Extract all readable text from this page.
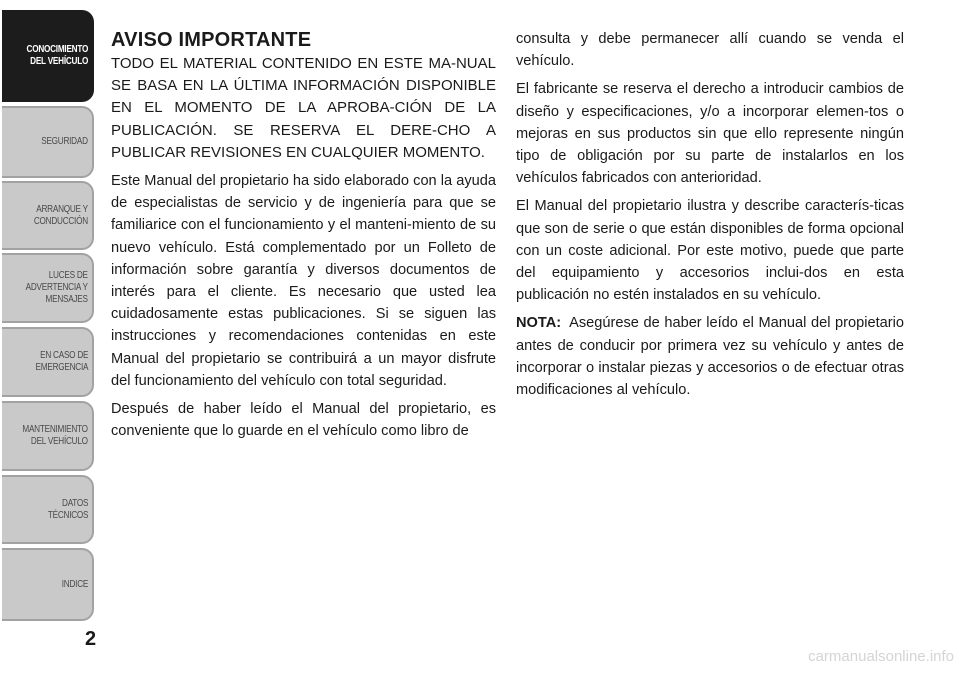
CONOCIMIENTO
DEL VEHÍCULO
SEGURIDAD
ARRANQUE Y
CONDUCCIÓN
LUCES DE
ADVERTENCIA Y
MENSAJES
EN CASO DE
EMERGENCIA
MANTENIMIENTO
DEL VEHÍCULO
DATOS
TÉCNICOS
INDICE
2
AVISO IMPORTANTE

TODO EL MATERIAL CONTENIDO EN ESTE MA-NUAL SE BASA EN LA ÚLTIMA INFORMACIÓN DISPONIBLE EN EL MOMENTO DE LA APROBA-CIÓN DE LA PUBLICACIÓN. SE RESERVA EL DERE-CHO A PUBLICAR REVISIONES EN CUALQUIER MOMENTO.

Este Manual del propietario ha sido elaborado con la ayuda de especialistas de servicio y de ingeniería para que se familiarice con el funcionamiento y el manteni-miento de su nuevo vehículo. Está complementado por un Folleto de información sobre garantía y diversos documentos de interés para el cliente. Es necesario que usted lea cuidadosamente estas publicaciones. Si se siguen las instrucciones y recomendaciones contenidas en este Manual del propietario se contribuirá a un mayor disfrute del funcionamiento del vehículo con total seguridad.

Después de haber leído el Manual del propietario, es conveniente que lo guarde en el vehículo como libro de

consulta y debe permanecer allí cuando se venda el vehículo.

El fabricante se reserva el derecho a introducir cambios de diseño y especificaciones, y/o a incorporar elemen-tos o mejoras en sus productos sin que ello represente ningún tipo de obligación por su parte de instalarlos en los vehículos fabricados con anterioridad.

El Manual del propietario ilustra y describe caracterís-ticas que son de serie o que están disponibles de forma opcional con un coste adicional. Por este motivo, puede que parte del equipamiento y accesorios inclui-dos en esta publicación no estén instalados en su vehículo.

NOTA: Asegúrese de haber leído el Manual del propietario antes de conducir por primera vez su vehículo y antes de incorporar o instalar piezas y accesorios o de efectuar otras modificaciones al vehículo.

carmanualsonline.info
